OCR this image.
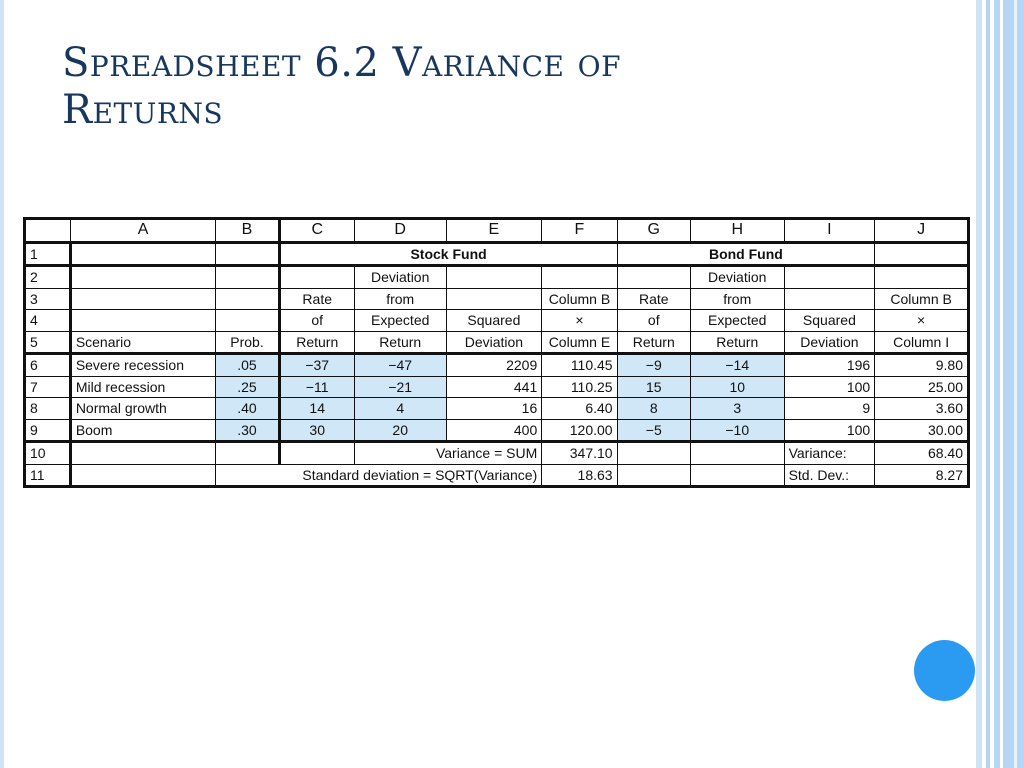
Spreadsheet 6.2 Variance of
Returns
	A	B	C	D	E	F	G	H	I	J
1			Stock Fund				Bond Fund			
2				Deviation				Deviation		
3			Rate	from		Column B	Rate	from		Column B
4			of	Expected	Squared	×	of	Expected	Squared	×
5	Scenario	Prob.	Return	Return	Deviation	Column E	Return	Return	Deviation	Column I
6	Severe recession	.05	−37	−47	2209	110.45	−9	−14	196	9.80
7	Mild recession	.25	−11	−21	441	110.25	15	10	100	25.00
8	Normal growth	.40	14	4	16	6.40	8	3	9	3.60
9	Boom	.30	30	20	400	120.00	−5	−10	100	30.00
10				Variance = SUM		347.10			Variance:	68.40
11		Standard deviation = SQRT(Variance)				18.63			Std. Dev.:	8.27
